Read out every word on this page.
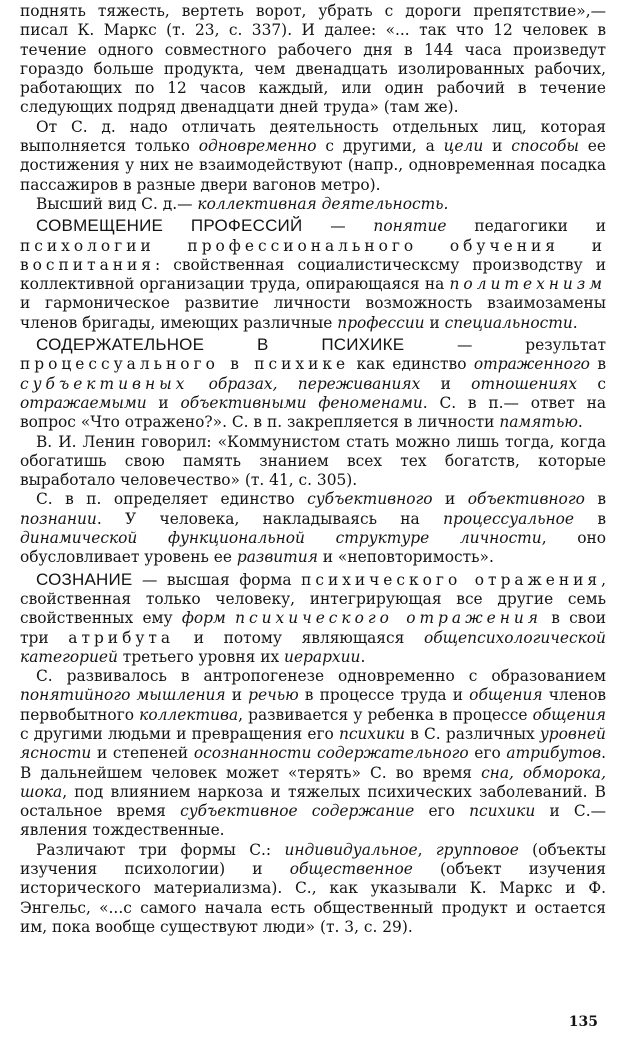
поднять тяжесть, вертеть ворот, убрать с дороги препятствие»,— писал К. Маркс (т. 23, с. 337). И далее: «... так что 12 человек в течение одного совместного рабочего дня в 144 часа произведут гораздо больше продукта, чем двенадцать изолированных рабочих, работающих по 12 часов каждый, или один рабочий в течение следующих подряд двенадцати дней труда» (там же).

От С. д. надо отличать деятельность отдельных лиц, которая выполняется только одновременно с другими, а цели и способы ее достижения у них не взаимодействуют (напр., одновременная посадка пассажиров в разные двери вагонов метро).

Высший вид С. д.— коллективная деятельность.

СОВМЕЩЕНИЕ ПРОФЕССИЙ — понятие педагогики и психологии профессионального обучения и воспитания: свойственная социалистическсму производству и коллективной организации труда, опирающаяся на политехнизм и гармоническое развитие личности возможность взаимозамены членов бригады, имеющих различные профессии и специальности.

СОДЕРЖАТЕЛЬНОЕ В ПСИХИКЕ — результат процессуального в психике как единство отраженного в субъективных образах, переживаниях и отношениях с отражаемыми и объективными феноменами. С. в п.— ответ на вопрос «Что отражено?». С. в п. закрепляется в личности памятью.

В. И. Ленин говорил: «Коммунистом стать можно лишь тогда, когда обогатишь свою память знанием всех тех богатств, которые выработало человечество» (т. 41, с. 305).

С. в п. определяет единство субъективного и объективного в познании. У человека, накладываясь на процессуальное в динамической функциональной структуре личности, оно обусловливает уровень ее развития и «неповторимость».

СОЗНАНИЕ — высшая форма психического отражения, свойственная только человеку, интегрирующая все другие семь свойственных ему форм психического отражения в свои три атрибута и потому являющаяся общепсихологической категорией третьего уровня их иерархии.

С. развивалось в антропогенезе одновременно с образованием понятийного мышления и речью в процессе труда и общения членов первобытного коллектива, развивается у ребенка в процессе общения с другими людьми и превращения его психики в С. различных уровней ясности и степеней осознанности содержательного его атрибутов. В дальнейшем человек может «терять» С. во время сна, обморока, шока, под влиянием наркоза и тяжелых психических заболеваний. В остальное время субъективное содержание его психики и С.— явления тождественные.

Различают три формы С.: индивидуальное, групповое (объекты изучения психологии) и общественное (объект изучения исторического материализма). С., как указывали К. Маркс и Ф. Энгельс, «...с самого начала есть общественный продукт и остается им, пока вообще существуют люди» (т. 3, с. 29).

135
